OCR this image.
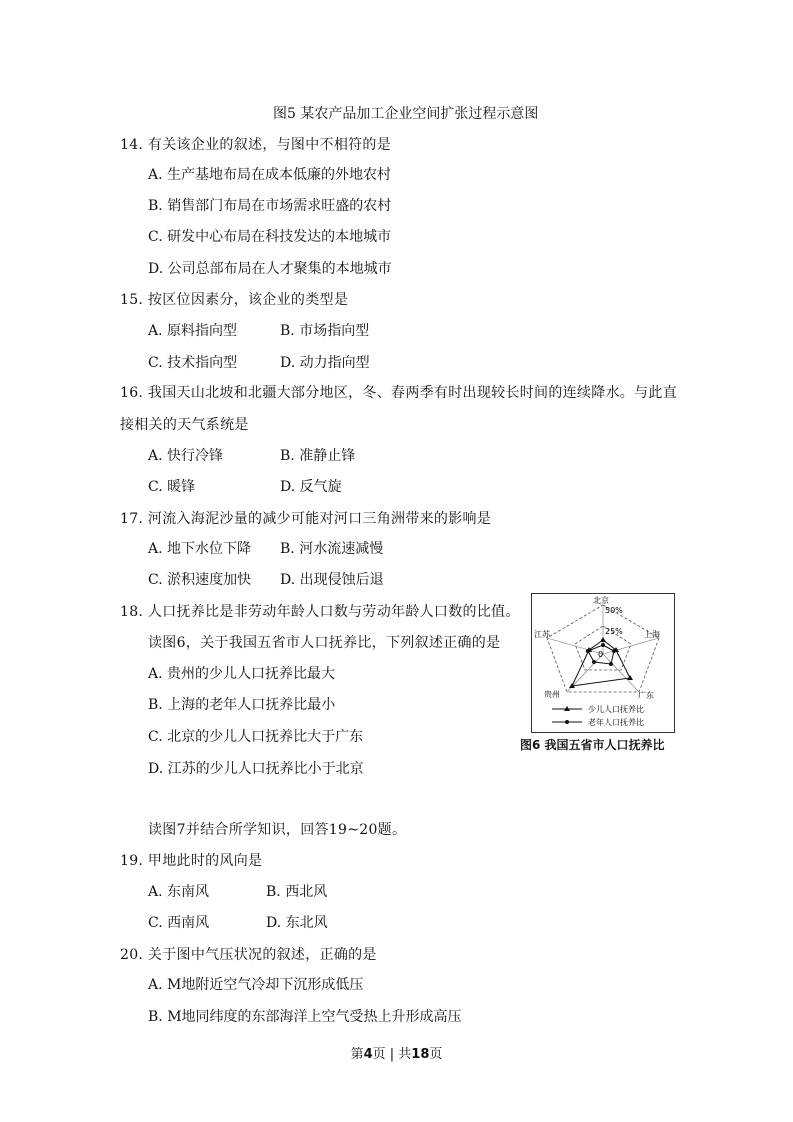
图5 某农产品加工企业空间扩张过程示意图
14. 有关该企业的叙述，与图中不相符的是
A. 生产基地布局在成本低廉的外地农村
B. 销售部门布局在市场需求旺盛的农村
C. 研发中心布局在科技发达的本地城市
D. 公司总部布局在人才聚集的本地城市
15. 按区位因素分，该企业的类型是
A. 原料指向型	B. 市场指向型
C. 技术指向型	D. 动力指向型
16. 我国天山北坡和北疆大部分地区，冬、春两季有时出现较长时间的连续降水。与此直
接相关的天气系统是
A. 快行冷锋	B. 准静止锋
C. 暖锋	D. 反气旋
17. 河流入海泥沙量的减少可能对河口三角洲带来的影响是
A. 地下水位下降 B. 河水流速减慢
C. 淤积速度加快 D. 出现侵蚀后退
18. 人口抚养比是非劳动年龄人口数与劳动年龄人口数的比值。
读图6，关于我国五省市人口抚养比，下列叙述正确的是
A. 贵州的少儿人口抚养比最大
B. 上海的老年人口抚养比最小
C. 北京的少儿人口抚养比大于广东
D. 江苏的少儿人口抚养比小于北京
北京
50%
25%
0
上海
江苏
贵州	广东
少儿人口抚养比
老年人口抚养比
图6 我国五省市人口抚养比
读图7并结合所学知识，回答19~20题。
19. 甲地此时的风向是
A. 东南风	B. 西北风
C. 西南风	D. 东北风
20. 关于图中气压状况的叙述，正确的是
A. M地附近空气冷却下沉形成低压
B. M地同纬度的东部海洋上空气受热上升形成高压
第4页 | 共18页
